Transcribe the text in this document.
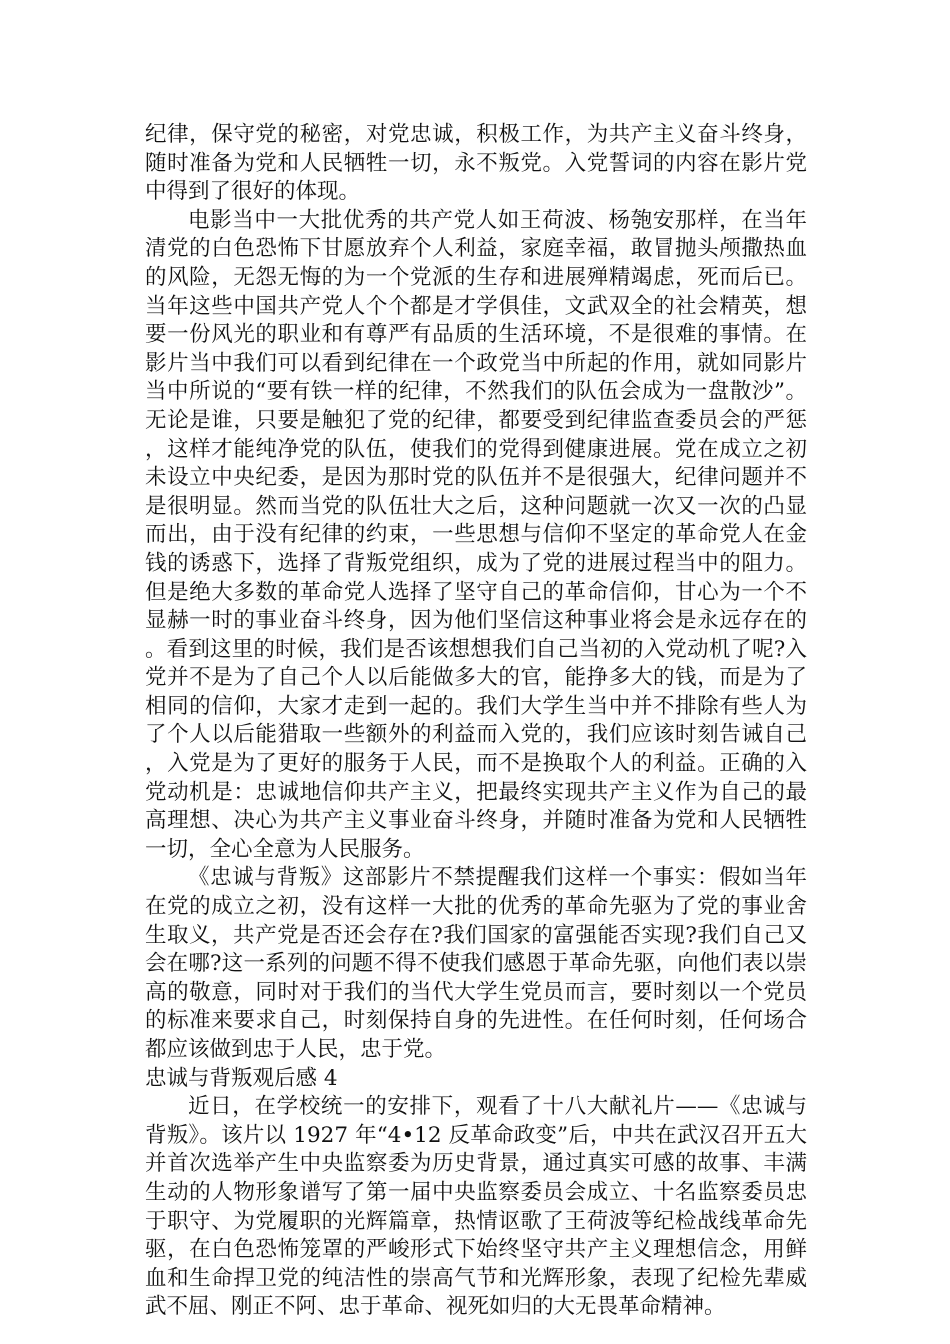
纪律，保守党的秘密，对党忠诚，积极工作，为共产主义奋斗终身，随时准备为党和人民牺牲一切，永不叛党。入党誓词的内容在影片党中得到了很好的体现。

电影当中一大批优秀的共产党人如王荷波、杨匏安那样，在当年清党的白色恐怖下甘愿放弃个人利益，家庭幸福，敢冒抛头颅撒热血的风险，无怨无悔的为一个党派的生存和进展殚精竭虑，死而后已。当年这些中国共产党人个个都是才学俱佳，文武双全的社会精英，想要一份风光的职业和有尊严有品质的生活环境，不是很难的事情。在影片当中我们可以看到纪律在一个政党当中所起的作用，就如同影片当中所说的“要有铁一样的纪律，不然我们的队伍会成为一盘散沙”。无论是谁，只要是触犯了党的纪律，都要受到纪律监查委员会的严惩，这样才能纯净党的队伍，使我们的党得到健康进展。党在成立之初未设立中央纪委，是因为那时党的队伍并不是很强大，纪律问题并不是很明显。然而当党的队伍壮大之后，这种问题就一次又一次的凸显而出，由于没有纪律的约束，一些思想与信仰不坚定的革命党人在金钱的诱惑下，选择了背叛党组织，成为了党的进展过程当中的阻力。但是绝大多数的革命党人选择了坚守自己的革命信仰，甘心为一个不显赫一时的事业奋斗终身，因为他们坚信这种事业将会是永远存在的。看到这里的时候，我们是否该想想我们自己当初的入党动机了呢?入党并不是为了自己个人以后能做多大的官，能挣多大的钱，而是为了相同的信仰，大家才走到一起的。我们大学生当中并不排除有些人为了个人以后能猎取一些额外的利益而入党的，我们应该时刻告诫自己，入党是为了更好的服务于人民，而不是换取个人的利益。正确的入党动机是：忠诚地信仰共产主义，把最终实现共产主义作为自己的最高理想、决心为共产主义事业奋斗终身，并随时准备为党和人民牺牲一切，全心全意为人民服务。

《忠诚与背叛》这部影片不禁提醒我们这样一个事实：假如当年在党的成立之初，没有这样一大批的优秀的革命先驱为了党的事业舍生取义，共产党是否还会存在?我们国家的富强能否实现?我们自己又会在哪?这一系列的问题不得不使我们感恩于革命先驱，向他们表以崇高的敬意，同时对于我们的当代大学生党员而言，要时刻以一个党员的标准来要求自己，时刻保持自身的先进性。在任何时刻，任何场合都应该做到忠于人民，忠于党。

忠诚与背叛观后感 4

近日，在学校统一的安排下，观看了十八大献礼片——《忠诚与背叛》。该片以 1927 年“4•12 反革命政变”后，中共在武汉召开五大并首次选举产生中央监察委为历史背景，通过真实可感的故事、丰满生动的人物形象谱写了第一届中央监察委员会成立、十名监察委员忠于职守、为党履职的光辉篇章，热情讴歌了王荷波等纪检战线革命先驱，在白色恐怖笼罩的严峻形式下始终坚守共产主义理想信念，用鲜血和生命捍卫党的纯洁性的崇高气节和光辉形象，表现了纪检先辈威武不屈、刚正不阿、忠于革命、视死如归的大无畏革命精神。
